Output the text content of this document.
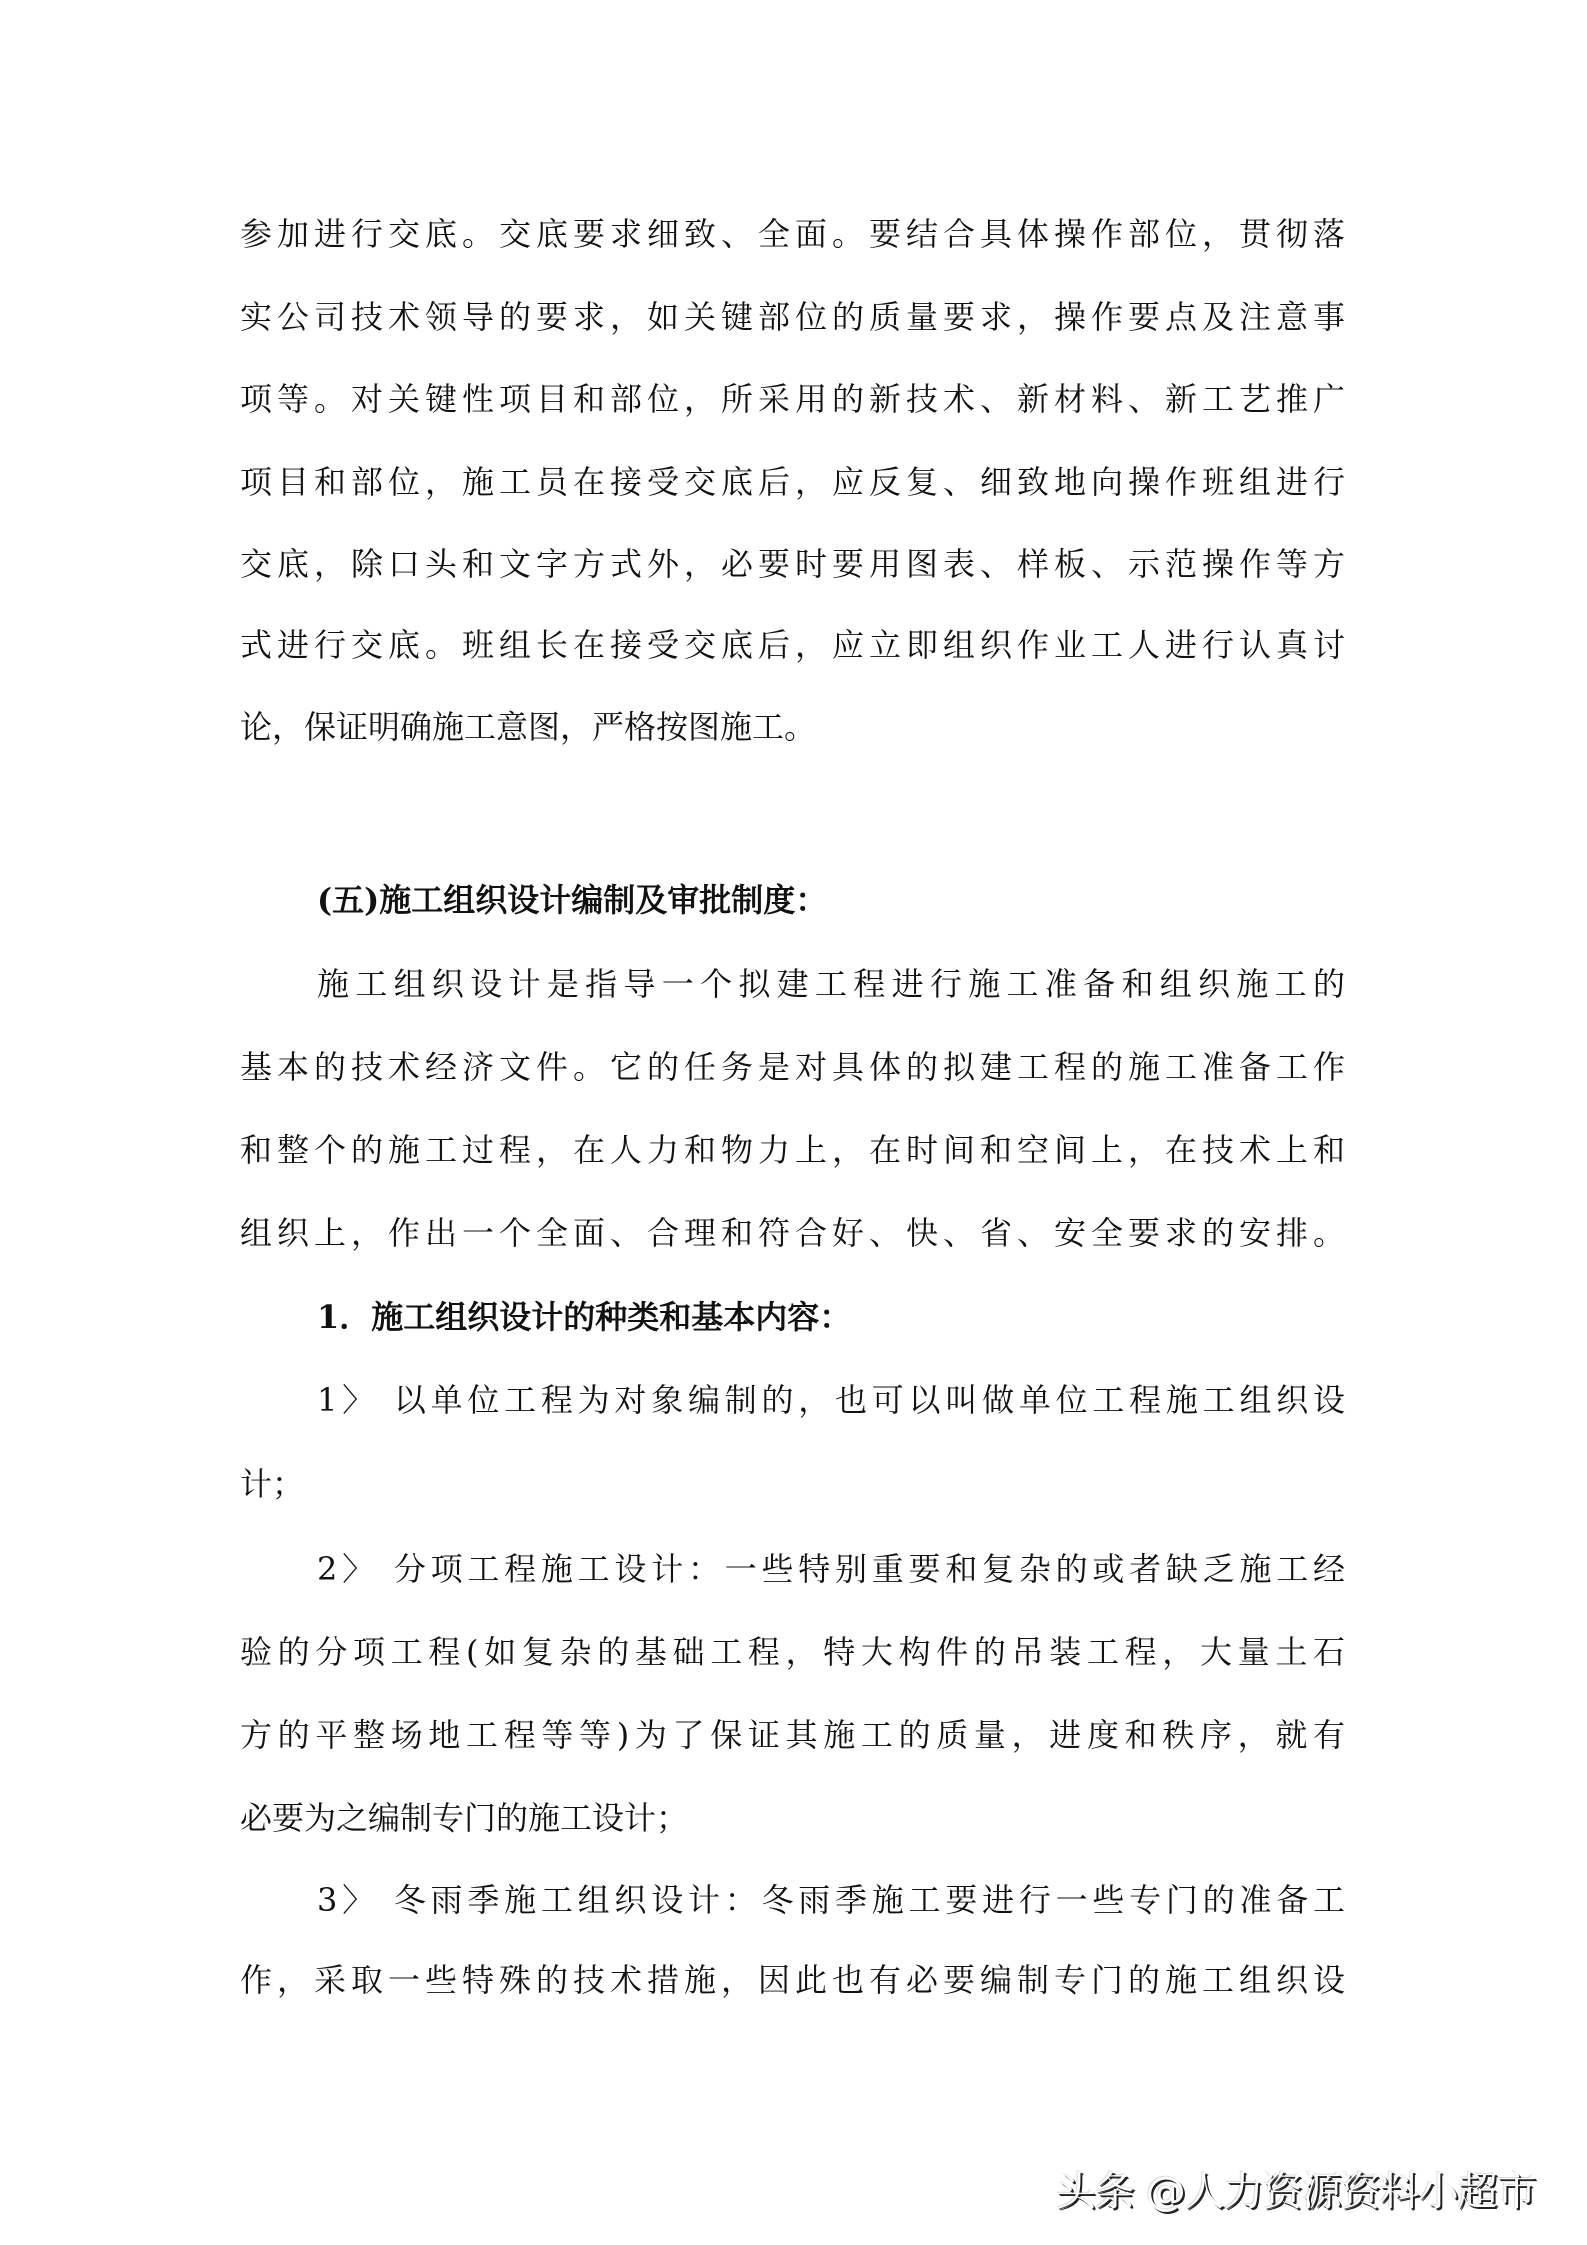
参加进行交底。交底要求细致、全面。要结合具体操作部位，贯彻落
实公司技术领导的要求，如关键部位的质量要求，操作要点及注意事
项等。对关键性项目和部位，所采用的新技术、新材料、新工艺推广
项目和部位，施工员在接受交底后，应反复、细致地向操作班组进行
交底，除口头和文字方式外，必要时要用图表、样板、示范操作等方
式进行交底。班组长在接受交底后，应立即组织作业工人进行认真讨
论，保证明确施工意图，严格按图施工。
(五)施工组织设计编制及审批制度：
施工组织设计是指导一个拟建工程进行施工准备和组织施工的
基本的技术经济文件。它的任务是对具体的拟建工程的施工准备工作
和整个的施工过程，在人力和物力上，在时间和空间上，在技术上和
组织上，作出一个全面、合理和符合好、快、省、安全要求的安排。
1．施工组织设计的种类和基本内容：
1〉 以单位工程为对象编制的，也可以叫做单位工程施工组织设
计；
2〉 分项工程施工设计：一些特别重要和复杂的或者缺乏施工经
验的分项工程(如复杂的基础工程，特大构件的吊装工程，大量土石
方的平整场地工程等等)为了保证其施工的质量，进度和秩序，就有
必要为之编制专门的施工设计；
3〉 冬雨季施工组织设计：冬雨季施工要进行一些专门的准备工
作，采取一些特殊的技术措施，因此也有必要编制专门的施工组织设
头条 @人力资源资料小超市
